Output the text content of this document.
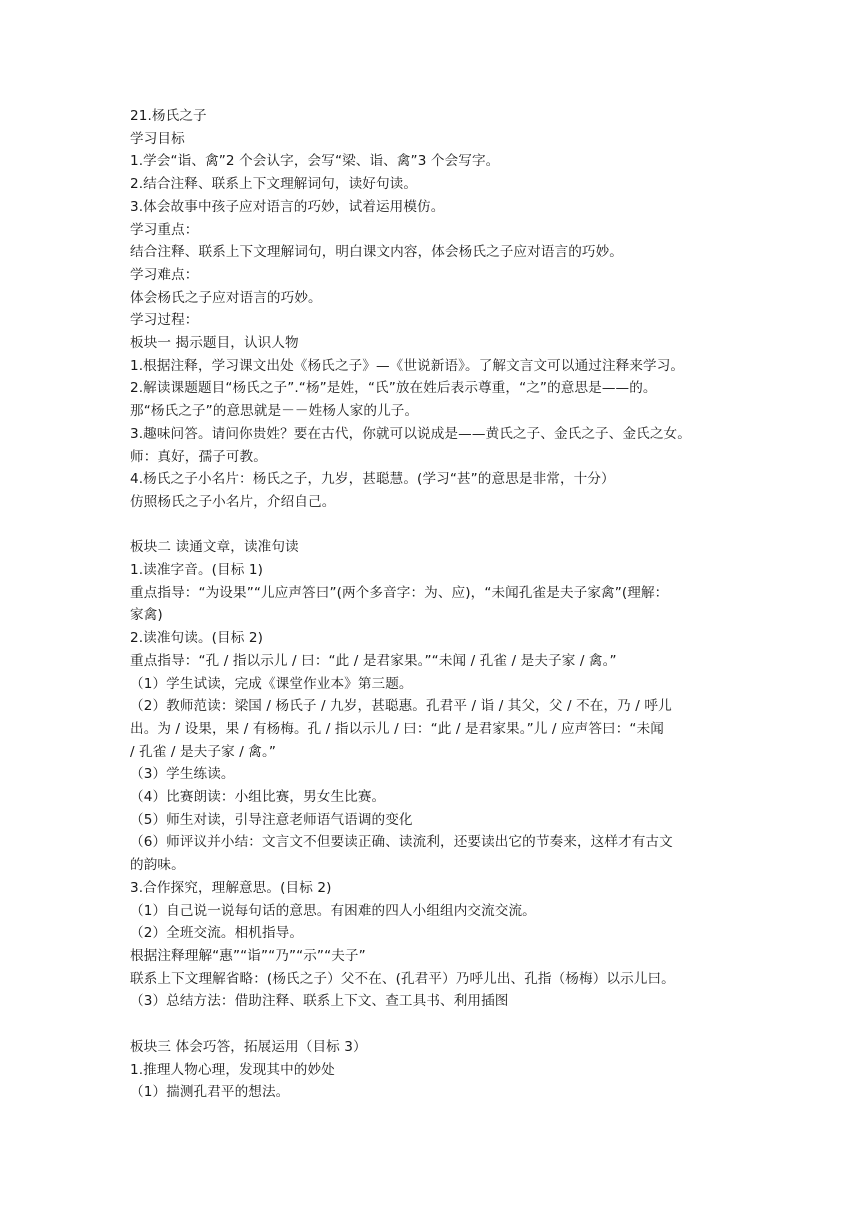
21.杨氏之子

学习目标

1.学会“诣、禽”2 个会认字，会写“梁、诣、禽”3 个会写字。

2.结合注释、联系上下文理解词句，读好句读。

3.体会故事中孩子应对语言的巧妙，试着运用模仿。

学习重点：

结合注释、联系上下文理解词句，明白课文内容，体会杨氏之子应对语言的巧妙。

学习难点：

体会杨氏之子应对语言的巧妙。

学习过程：

板块一 揭示题目，认识人物

1.根据注释，学习课文出处《杨氏之子》—《世说新语》。了解文言文可以通过注释来学习。

2.解读课题题目“杨氏之子”.“杨”是姓，“氏”放在姓后表示尊重，“之”的意思是——的。

那“杨氏之子”的意思就是－－姓杨人家的儿子。

3.趣味问答。请问你贵姓？要在古代，你就可以说成是——黄氏之子、金氏之子、金氏之女。

师：真好，孺子可教。

4.杨氏之子小名片：杨氏之子，九岁，甚聪慧。(学习“甚”的意思是非常，十分）

仿照杨氏之子小名片，介绍自己。

板块二 读通文章，读准句读

1.读准字音。(目标 1)

重点指导：“为设果”“儿应声答曰”(两个多音字：为、应)，“未闻孔雀是夫子家禽”(理解：

家禽)

2.读准句读。(目标 2)

重点指导：“孔 / 指以示儿 / 曰：“此 / 是君家果。”“未闻 / 孔雀 / 是夫子家 / 禽。”

（1）学生试读，完成《课堂作业本》第三题。

（2）教师范读：梁国 / 杨氏子 / 九岁，甚聪惠。孔君平 / 诣 / 其父，父 / 不在，乃 / 呼儿

出。为 / 设果，果 / 有杨梅。孔 / 指以示儿 / 曰：“此 / 是君家果。”儿 / 应声答曰：“未闻

/ 孔雀 / 是夫子家 / 禽。”

（3）学生练读。

（4）比赛朗读：小组比赛，男女生比赛。

（5）师生对读，引导注意老师语气语调的变化

（6）师评议并小结：文言文不但要读正确、读流利，还要读出它的节奏来，这样才有古文

的韵味。

3.合作探究，理解意思。(目标 2)

（1）自己说一说每句话的意思。有困难的四人小组组内交流交流。

（2）全班交流。相机指导。

根据注释理解“惠”“诣”“乃”“示”“夫子”

联系上下文理解省略：(杨氏之子）父不在、(孔君平）乃呼儿出、孔指（杨梅）以示儿曰。

（3）总结方法：借助注释、联系上下文、查工具书、利用插图

板块三 体会巧答，拓展运用（目标 3）

1.推理人物心理，发现其中的妙处

（1）揣测孔君平的想法。
